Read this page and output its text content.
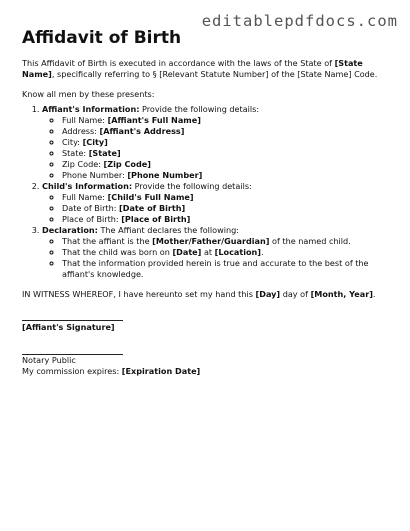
editablepdfdocs.com
Affidavit of Birth

This Affidavit of Birth is executed in accordance with the laws of the State of [State Name], specifically referring to § [Relevant Statute Number] of the [State Name] Code.

Know all men by these presents:

1. Affiant's Information: Provide the following details:
◦ Full Name: [Affiant's Full Name]
◦ Address: [Affiant's Address]
◦ City: [City]
◦ State: [State]
◦ Zip Code: [Zip Code]
◦ Phone Number: [Phone Number]
2. Child's Information: Provide the following details:
◦ Full Name: [Child's Full Name]
◦ Date of Birth: [Date of Birth]
◦ Place of Birth: [Place of Birth]
3. Declaration: The Affiant declares the following:
◦ That the affiant is the [Mother/Father/Guardian] of the named child.
◦ That the child was born on [Date] at [Location].
◦ That the information provided herein is true and accurate to the best of the affiant's knowledge.

IN WITNESS WHEREOF, I have hereunto set my hand this [Day] day of [Month, Year].

[Affiant's Signature]

Notary Public

My commission expires: [Expiration Date]
